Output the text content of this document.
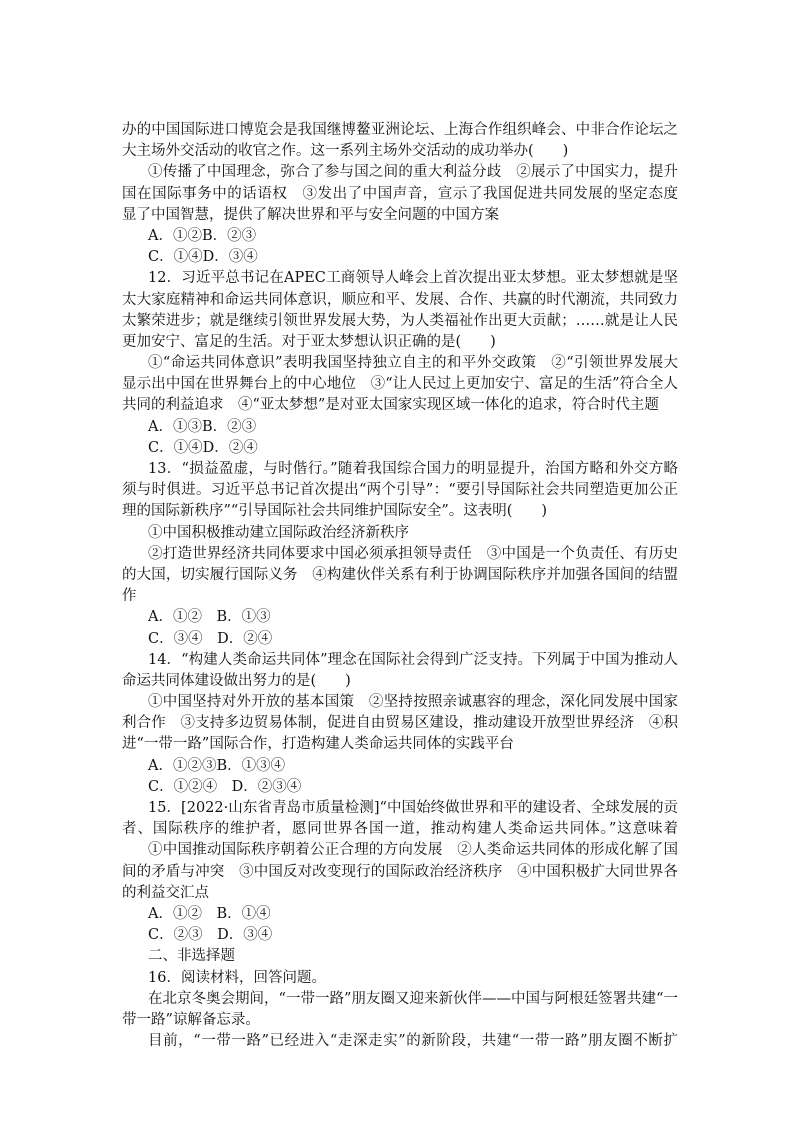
办的中国国际进口博览会是我国继博鳌亚洲论坛、上海合作组织峰会、中非合作论坛之
大主场外交活动的收官之作。这一系列主场外交活动的成功举办(　　)
①传播了中国理念，弥合了参与国之间的重大利益分歧　②展示了中国实力，提升
国在国际事务中的话语权　③发出了中国声音，宣示了我国促进共同发展的坚定态度　
显了中国智慧，提供了解决世界和平与安全问题的中国方案
A．①②B．②③
C．①④D．③④
12．习近平总书记在APEC工商领导人峰会上首次提出亚太梦想。亚太梦想就是坚
太大家庭精神和命运共同体意识，顺应和平、发展、合作、共赢的时代潮流，共同致力
太繁荣进步；就是继续引领世界发展大势，为人类福祉作出更大贡献；……就是让人民
更加安宁、富足的生活。对于亚太梦想认识正确的是(　　)
①“命运共同体意识”表明我国坚持独立自主的和平外交政策　②“引领世界发展大
显示出中国在世界舞台上的中心地位　③“让人民过上更加安宁、富足的生活”符合全人
共同的利益追求　④“亚太梦想”是对亚太国家实现区域一体化的追求，符合时代主题
A．①③B．②③
C．①④D．②④
13．“损益盈虚，与时偕行。”随着我国综合国力的明显提升，治国方略和外交方略
须与时俱进。习近平总书记首次提出“两个引导”：“要引导国际社会共同塑造更加公正
理的国际新秩序”“引导国际社会共同维护国际安全”。这表明(　　)
①中国积极推动建立国际政治经济新秩序
②打造世界经济共同体要求中国必须承担领导责任　③中国是一个负责任、有历史
的大国，切实履行国际义务　④构建伙伴关系有利于协调国际秩序并加强各国间的结盟
作
A．①②　B．①③
C．③④　D．②④
14．“构建人类命运共同体”理念在国际社会得到广泛支持。下列属于中国为推动人
命运共同体建设做出努力的是(　　)
①中国坚持对外开放的基本国策　②坚持按照亲诚惠容的理念，深化同发展中国家
利合作　③支持多边贸易体制，促进自由贸易区建设，推动建设开放型世界经济　④积
进“一带一路”国际合作，打造构建人类命运共同体的实践平台
A．①②③B．①③④
C．①②④　D．②③④
15．[2022·山东省青岛市质量检测]“中国始终做世界和平的建设者、全球发展的贡
者、国际秩序的维护者，愿同世界各国一道，推动构建人类命运共同体。”这意味着　　
①中国推动国际秩序朝着公正合理的方向发展　②人类命运共同体的形成化解了国
间的矛盾与冲突　③中国反对改变现行的国际政治经济秩序　④中国积极扩大同世界各
的利益交汇点
A．①②　B．①④
C．②③　D．③④
二、非选择题
16．阅读材料，回答问题。
在北京冬奥会期间，“一带一路”朋友圈又迎来新伙伴——中国与阿根廷签署共建“一
带一路”谅解备忘录。
目前，“一带一路”已经进入“走深走实”的新阶段，共建“一带一路”朋友圈不断扩
